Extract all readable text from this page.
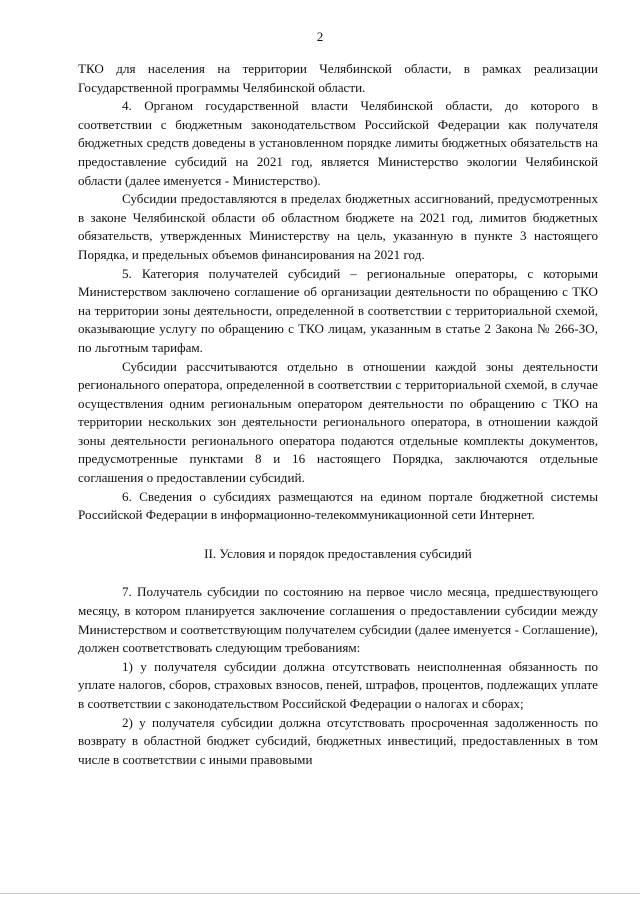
2

ТКО для населения на территории Челябинской области, в рамках реализации Государственной программы Челябинской области.

4. Органом государственной власти Челябинской области, до которого в соответствии с бюджетным законодательством Российской Федерации как получателя бюджетных средств доведены в установленном порядке лимиты бюджетных обязательств на предоставление субсидий на 2021 год, является Министерство экологии Челябинской области (далее именуется - Министерство).

Субсидии предоставляются в пределах бюджетных ассигнований, предусмотренных в законе Челябинской области об областном бюджете на 2021 год, лимитов бюджетных обязательств, утвержденных Министерству на цель, указанную в пункте 3 настоящего Порядка, и предельных объемов финансирования на 2021 год.

5. Категория получателей субсидий – региональные операторы, с которыми Министерством заключено соглашение об организации деятельности по обращению с ТКО на территории зоны деятельности, определенной в соответствии с территориальной схемой, оказывающие услугу по обращению с ТКО лицам, указанным в статье 2 Закона № 266-ЗО, по льготным тарифам.

Субсидии рассчитываются отдельно в отношении каждой зоны деятельности регионального оператора, определенной в соответствии с территориальной схемой, в случае осуществления одним региональным оператором деятельности по обращению с ТКО на территории нескольких зон деятельности регионального оператора, в отношении каждой зоны деятельности регионального оператора подаются отдельные комплекты документов, предусмотренные пунктами 8 и 16 настоящего Порядка, заключаются отдельные соглашения о предоставлении субсидий.

6. Сведения о субсидиях размещаются на едином портале бюджетной системы Российской Федерации в информационно-телекоммуникационной сети Интернет.

II. Условия и порядок предоставления субсидий

7. Получатель субсидии по состоянию на первое число месяца, предшествующего месяцу, в котором планируется заключение соглашения о предоставлении субсидии между Министерством и соответствующим получателем субсидии (далее именуется - Соглашение), должен соответствовать следующим требованиям:

1) у получателя субсидии должна отсутствовать неисполненная обязанность по уплате налогов, сборов, страховых взносов, пеней, штрафов, процентов, подлежащих уплате в соответствии с законодательством Российской Федерации о налогах и сборах;

2) у получателя субсидии должна отсутствовать просроченная задолженность по возврату в областной бюджет субсидий, бюджетных инвестиций, предоставленных в том числе в соответствии с иными правовыми
